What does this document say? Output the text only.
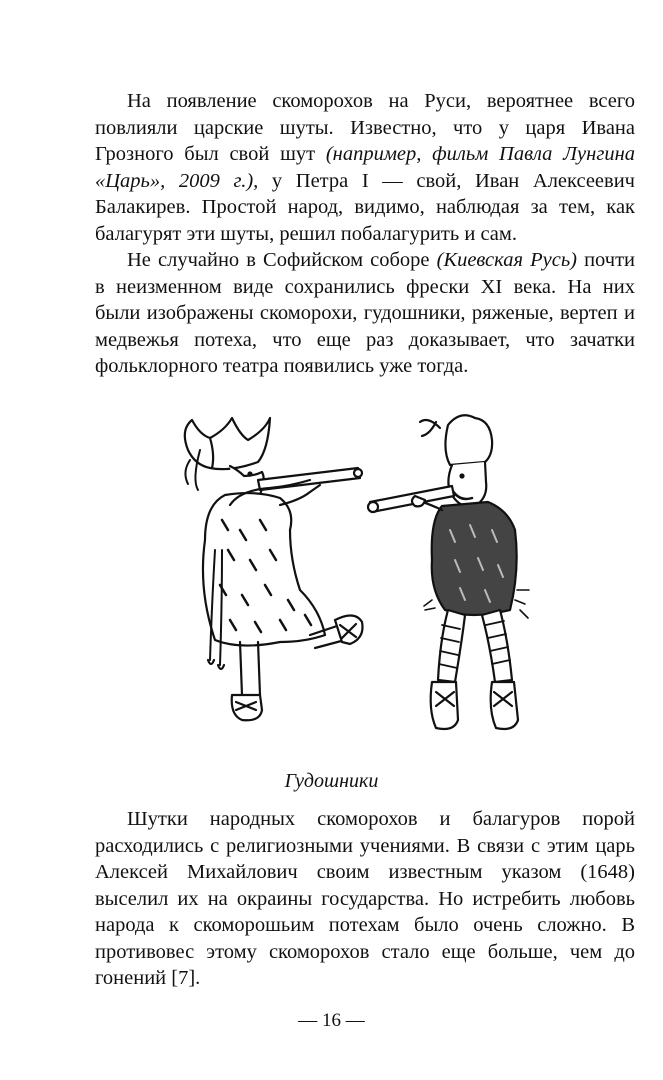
На появление скоморохов на Руси, вероятнее всего повлияли царские шуты. Известно, что у царя Ивана Грозного был свой шут (например, фильм Павла Лунгина «Царь», 2009 г.), у Петра I — свой, Иван Алексеевич Балакирев. Простой народ, видимо, наблюдая за тем, как балагурят эти шуты, решил побалагурить и сам.

Не случайно в Софийском соборе (Киевская Русь) почти в неизменном виде сохранились фрески XI века. На них были изображены скоморохи, гудошники, ряженые, вертеп и медвежья потеха, что еще раз доказывает, что зачатки фольклорного театра появились уже тогда.

Гудошники

Шутки народных скоморохов и балагуров порой расходились с религиозными учениями. В связи с этим царь Алексей Михайлович своим известным указом (1648) выселил их на окраины государства. Но истребить любовь народа к скоморошьим потехам было очень сложно. В противовес этому скоморохов стало еще больше, чем до гонений [7].

— 16 —
